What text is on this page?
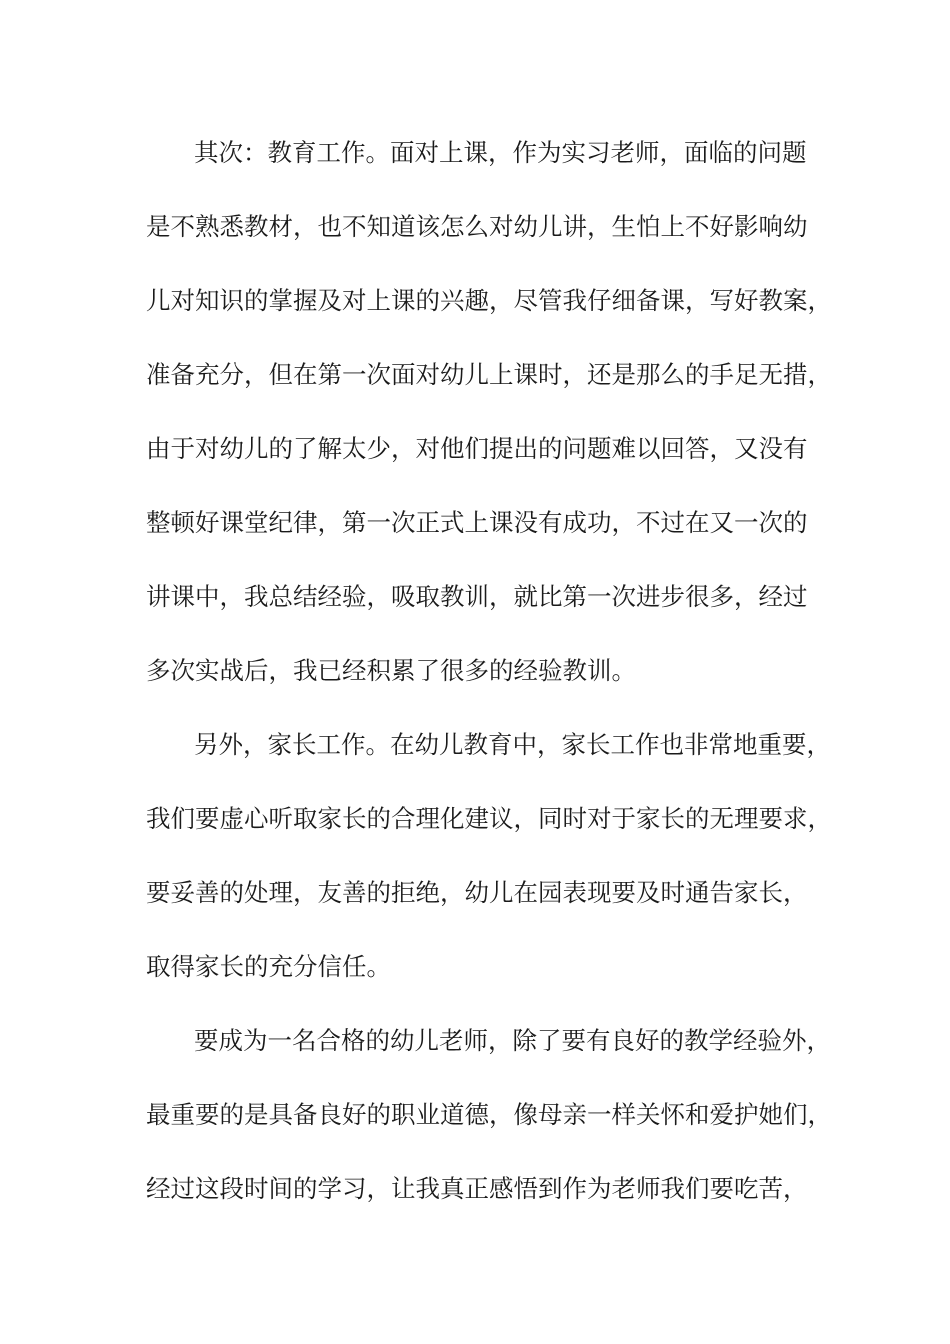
其次：教育工作。面对上课，作为实习老师，面临的问题
是不熟悉教材，也不知道该怎么对幼儿讲，生怕上不好影响幼
儿对知识的掌握及对上课的兴趣，尽管我仔细备课，写好教案，
准备充分，但在第一次面对幼儿上课时，还是那么的手足无措，
由于对幼儿的了解太少，对他们提出的问题难以回答，又没有
整顿好课堂纪律，第一次正式上课没有成功，不过在又一次的
讲课中，我总结经验，吸取教训，就比第一次进步很多，经过
多次实战后，我已经积累了很多的经验教训。
另外，家长工作。在幼儿教育中，家长工作也非常地重要，
我们要虚心听取家长的合理化建议，同时对于家长的无理要求，
要妥善的处理，友善的拒绝，幼儿在园表现要及时通告家长，
取得家长的充分信任。
要成为一名合格的幼儿老师，除了要有良好的教学经验外，
最重要的是具备良好的职业道德，像母亲一样关怀和爱护她们，
经过这段时间的学习，让我真正感悟到作为老师我们要吃苦，
